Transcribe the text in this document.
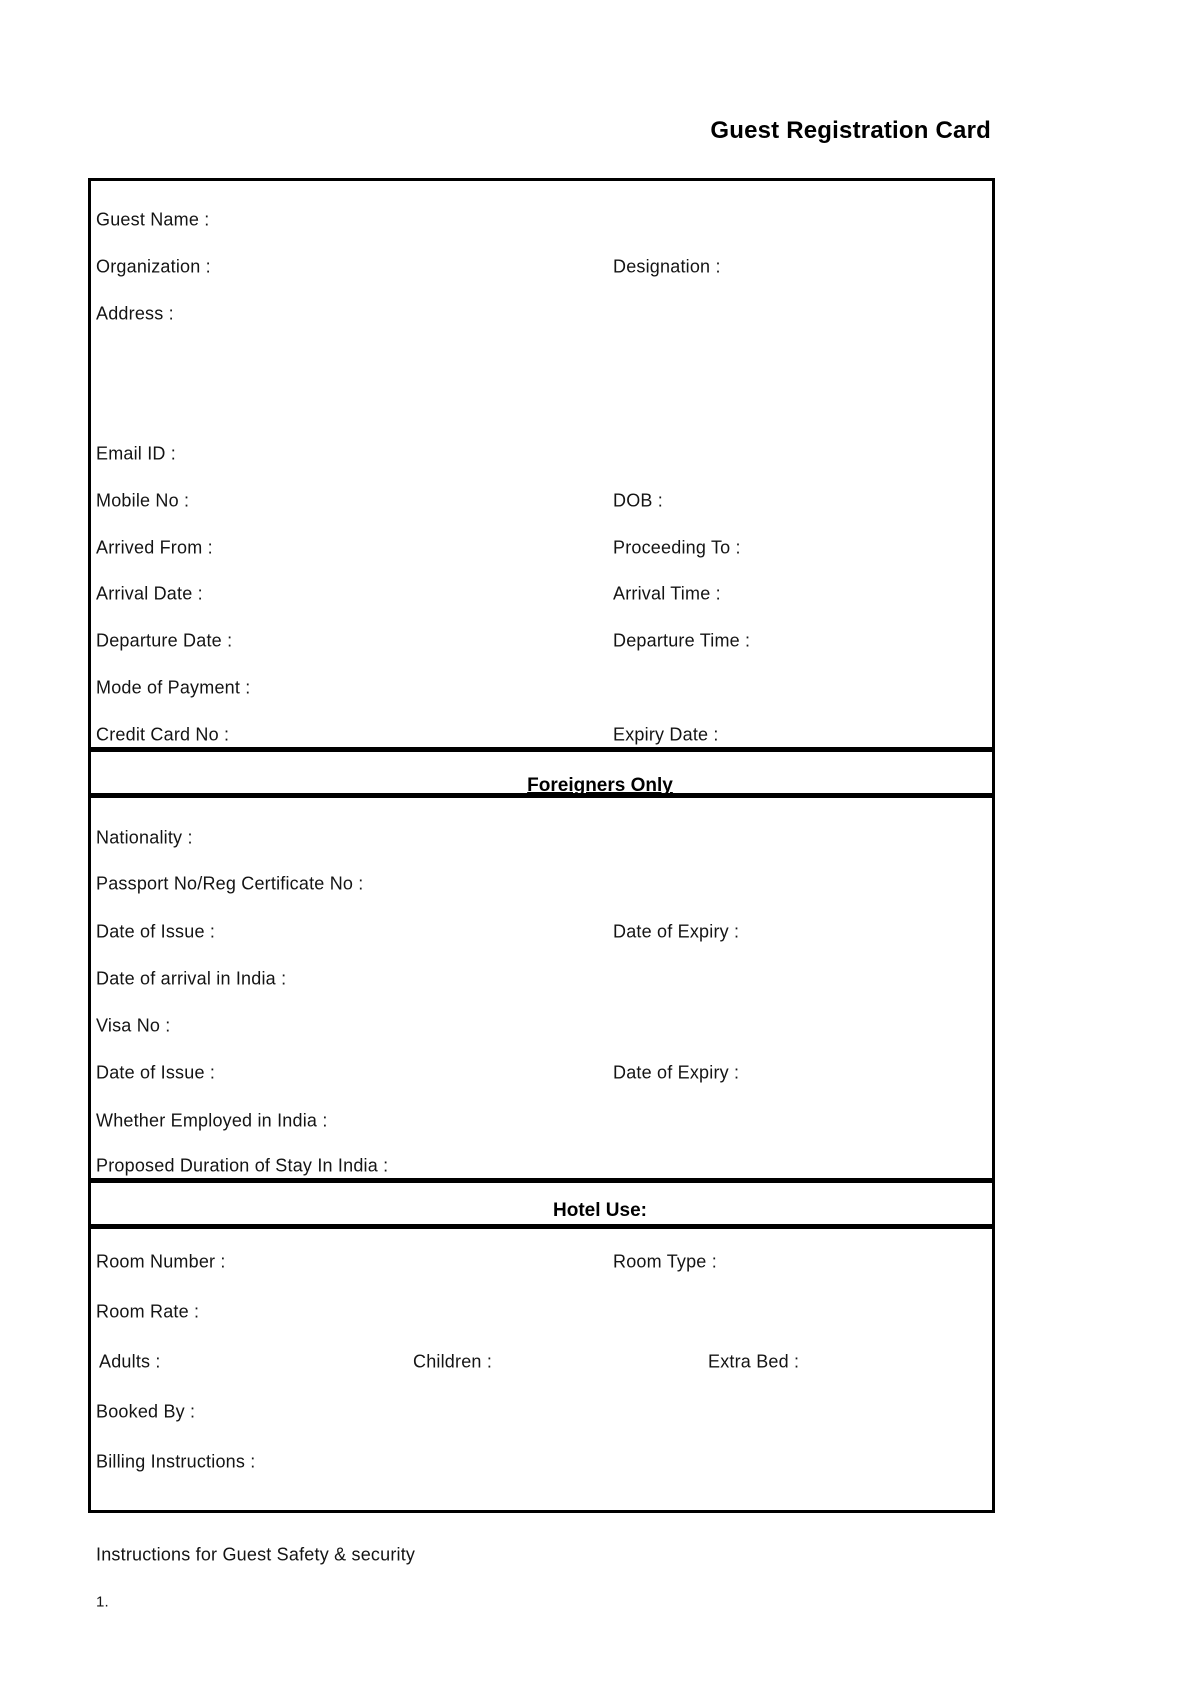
Guest Registration Card
Guest Name :
Organization :	Designation :
Address :
Email ID :
Mobile No :	DOB :
Arrived From :	Proceeding To :
Arrival Date :	Arrival Time :
Departure Date :	Departure Time :
Mode of Payment :
Credit Card No :	Expiry Date :
Foreigners Only
Nationality :
Passport No/Reg Certificate No :
Date of Issue :	Date of Expiry :
Date of arrival in India :
Visa No :
Date of Issue :	Date of Expiry :
Whether Employed in India :
Proposed Duration of Stay In India :
Hotel Use:
Room Number :	Room Type :
Room Rate :
Adults :	Children :	Extra Bed :
Booked By :
Billing Instructions :
Instructions for Guest Safety & security
1.
